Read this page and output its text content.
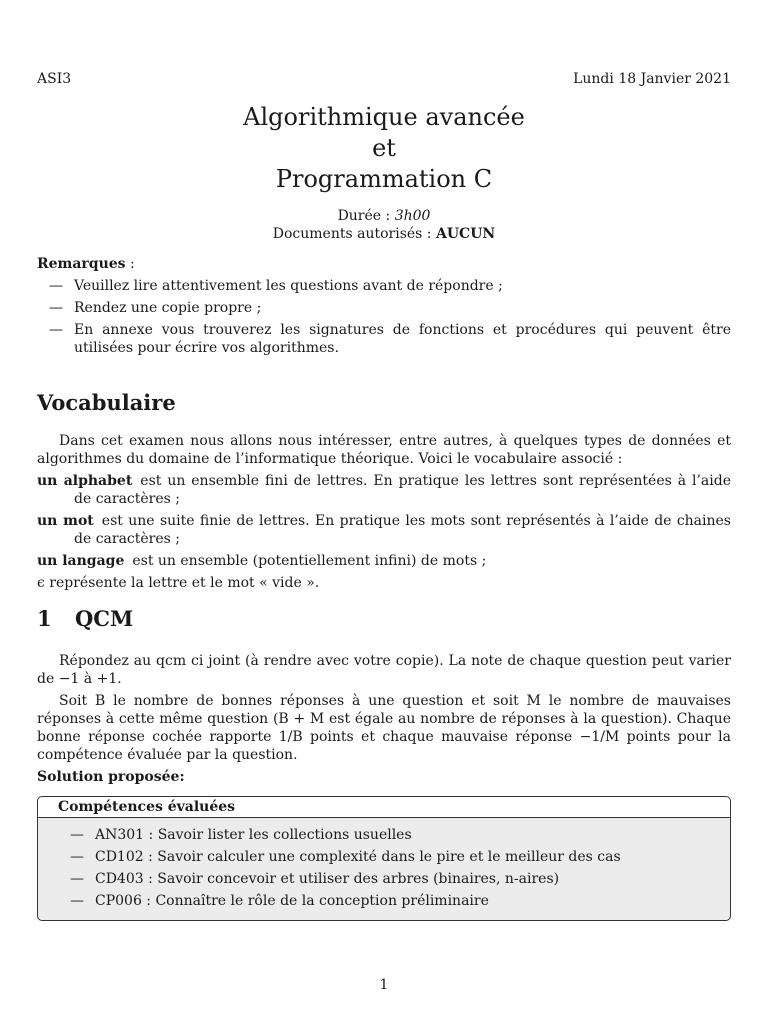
ASI3	Lundi 18 Janvier 2021
Algorithmique avancée
et
Programmation C
Durée : 3h00
Documents autorisés : AUCUN
Remarques :
— Veuillez lire attentivement les questions avant de répondre ;
— Rendez une copie propre ;
— En annexe vous trouverez les signatures de fonctions et procédures qui peuvent être utilisées pour écrire vos algorithmes.
Vocabulaire

Dans cet examen nous allons nous intéresser, entre autres, à quelques types de données et algorithmes du domaine de l’informatique théorique. Voici le vocabulaire associé :

un alphabet est un ensemble fini de lettres. En pratique les lettres sont représentées à l’aide de caractères ;
un mot est une suite finie de lettres. En pratique les mots sont représentés à l’aide de chaines de caractères ;
un langage est un ensemble (potentiellement infini) de mots ;
ϵ représente la lettre et le mot « vide ».
1 QCM

Répondez au qcm ci joint (à rendre avec votre copie). La note de chaque question peut varier de −1 à +1.

Soit B le nombre de bonnes réponses à une question et soit M le nombre de mauvaises réponses à cette même question (B + M est égale au nombre de réponses à la question). Chaque bonne réponse cochée rapporte 1/B points et chaque mauvaise réponse −1/M points pour la compétence évaluée par la question.

Solution proposée:
Compétences évaluées
— AN301 : Savoir lister les collections usuelles
— CD102 : Savoir calculer une complexité dans le pire et le meilleur des cas
— CD403 : Savoir concevoir et utiliser des arbres (binaires, n-aires)
— CP006 : Connaître le rôle de la conception préliminaire
1
